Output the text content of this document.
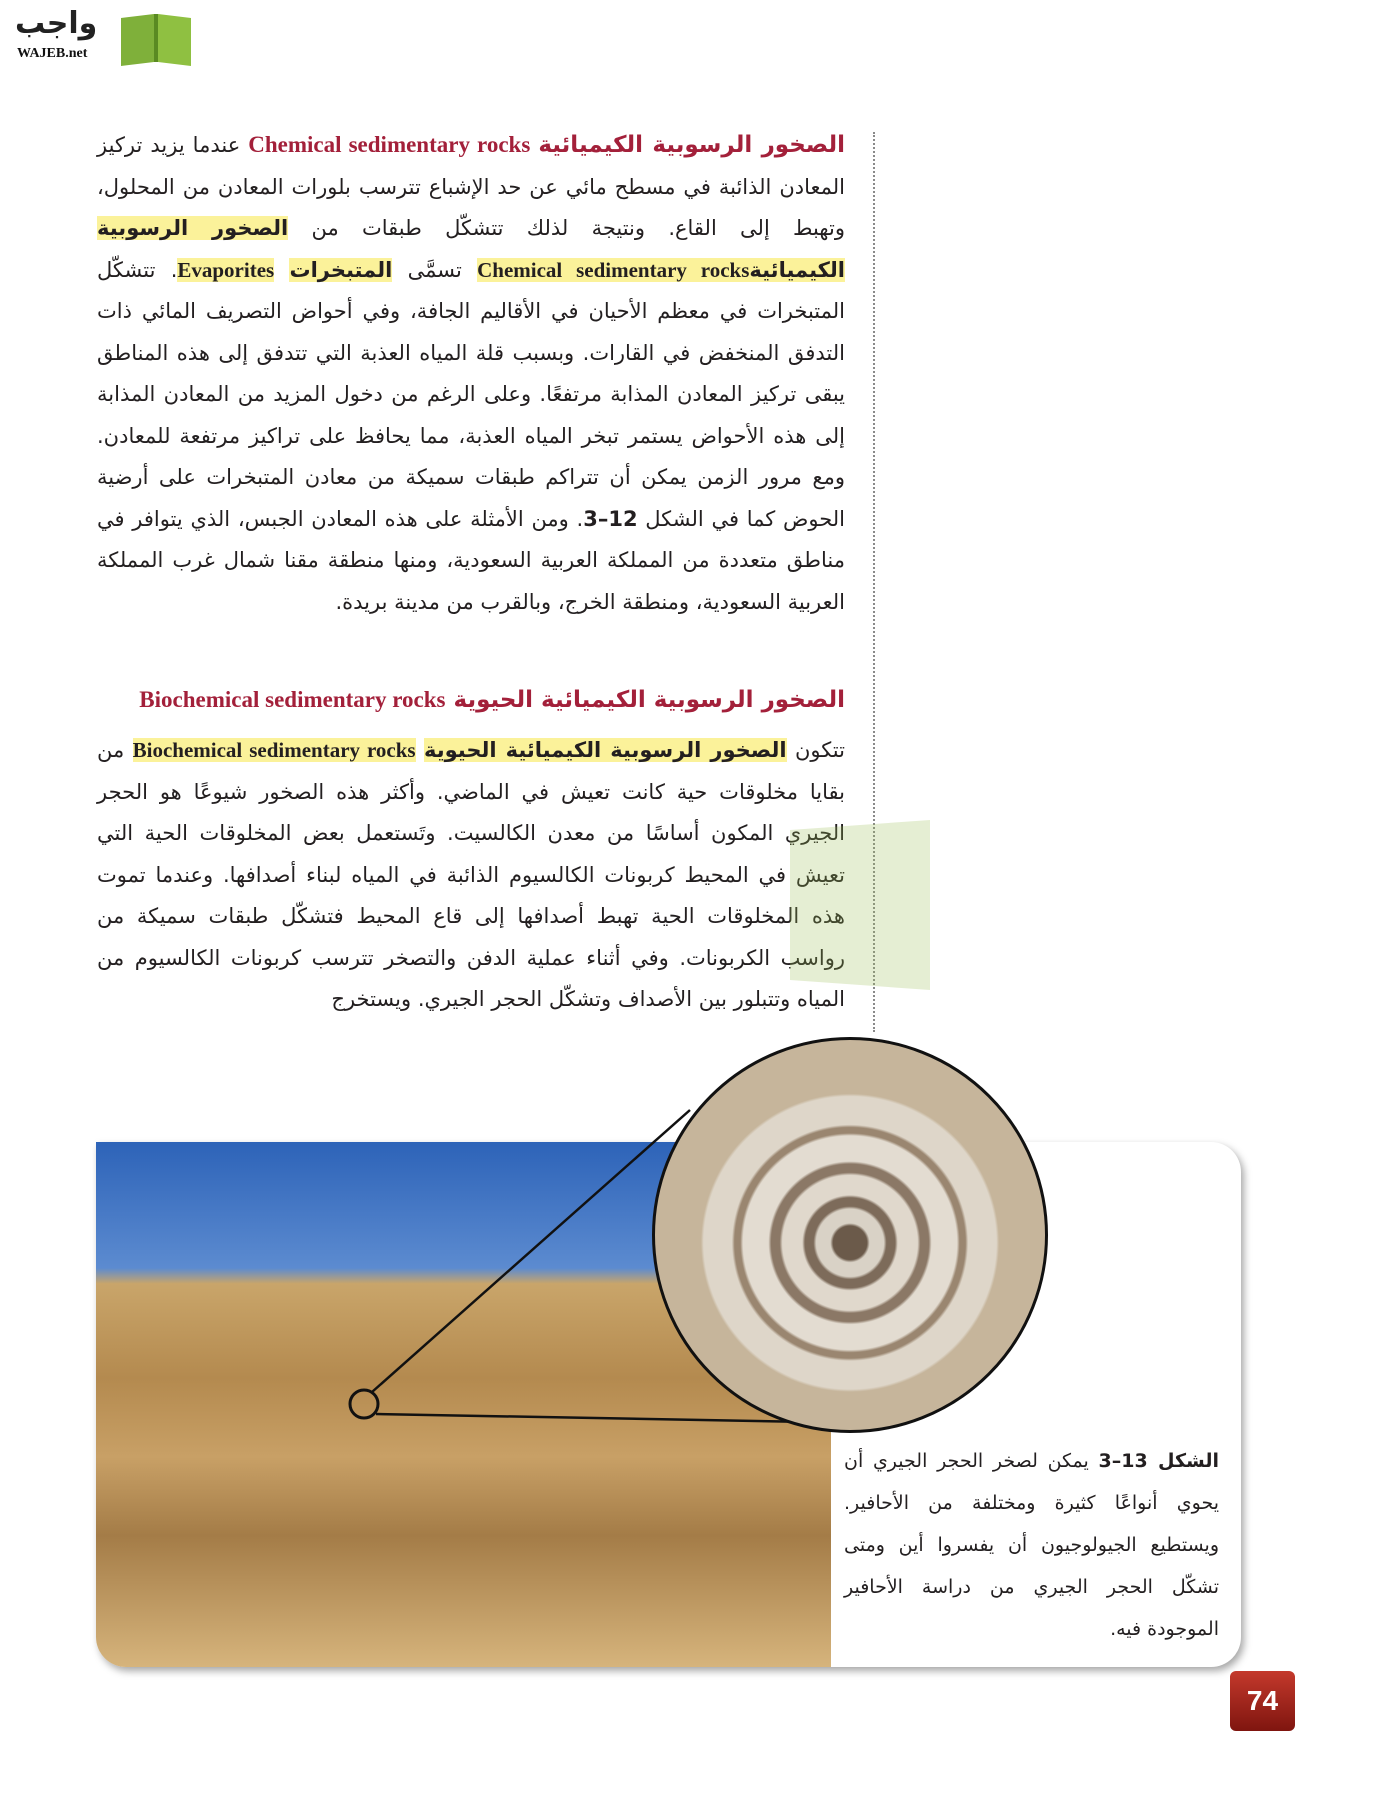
واجب
WAJEB.net
الصخور الرسوبية الكيميائية Chemical sedimentary rocks عندما يزيد تركيز المعادن الذائبة في مسطح مائي عن حد الإشباع تترسب بلورات المعادن من المحلول، وتهبط إلى القاع. ونتيجة لذلك تتشكّل طبقات من الصخور الرسوبية الكيميائيةChemical sedimentary rocks تسمَّى المتبخرات Evaporites. تتشكّل المتبخرات في معظم الأحيان في الأقاليم الجافة، وفي أحواض التصريف المائي ذات التدفق المنخفض في القارات. وبسبب قلة المياه العذبة التي تتدفق إلى هذه المناطق يبقى تركيز المعادن المذابة مرتفعًا. وعلى الرغم من دخول المزيد من المعادن المذابة إلى هذه الأحواض يستمر تبخر المياه العذبة، مما يحافظ على تراكيز مرتفعة للمعادن. ومع مرور الزمن يمكن أن تتراكم طبقات سميكة من معادن المتبخرات على أرضية الحوض كما في الشكل 12–3. ومن الأمثلة على هذه المعادن الجبس، الذي يتوافر في مناطق متعددة من المملكة العربية السعودية، ومنها منطقة مقنا شمال غرب المملكة العربية السعودية، ومنطقة الخرج، وبالقرب من مدينة بريدة.
الصخور الرسوبية الكيميائية الحيوية Biochemical sedimentary rocks
تتكون الصخور الرسوبية الكيميائية الحيوية Biochemical sedimentary rocks من بقايا مخلوقات حية كانت تعيش في الماضي. وأكثر هذه الصخور شيوعًا هو الحجر الجيري المكون أساسًا من معدن الكالسيت. وتَستعمل بعض المخلوقات الحية التي تعيش في المحيط كربونات الكالسيوم الذائبة في المياه لبناء أصدافها. وعندما تموت هذه المخلوقات الحية تهبط أصدافها إلى قاع المحيط فتشكّل طبقات سميكة من رواسب الكربونات. وفي أثناء عملية الدفن والتصخر تترسب كربونات الكالسيوم من المياه وتتبلور بين الأصداف وتشكّل الحجر الجيري. ويستخرج
الشكل 13–3 يمكن لصخر الحجر الجيري أن يحوي أنواعًا كثيرة ومختلفة من الأحافير. ويستطيع الجيولوجيون أن يفسروا أين ومتى تشكّل الحجر الجيري من دراسة الأحافير الموجودة فيه.
74
